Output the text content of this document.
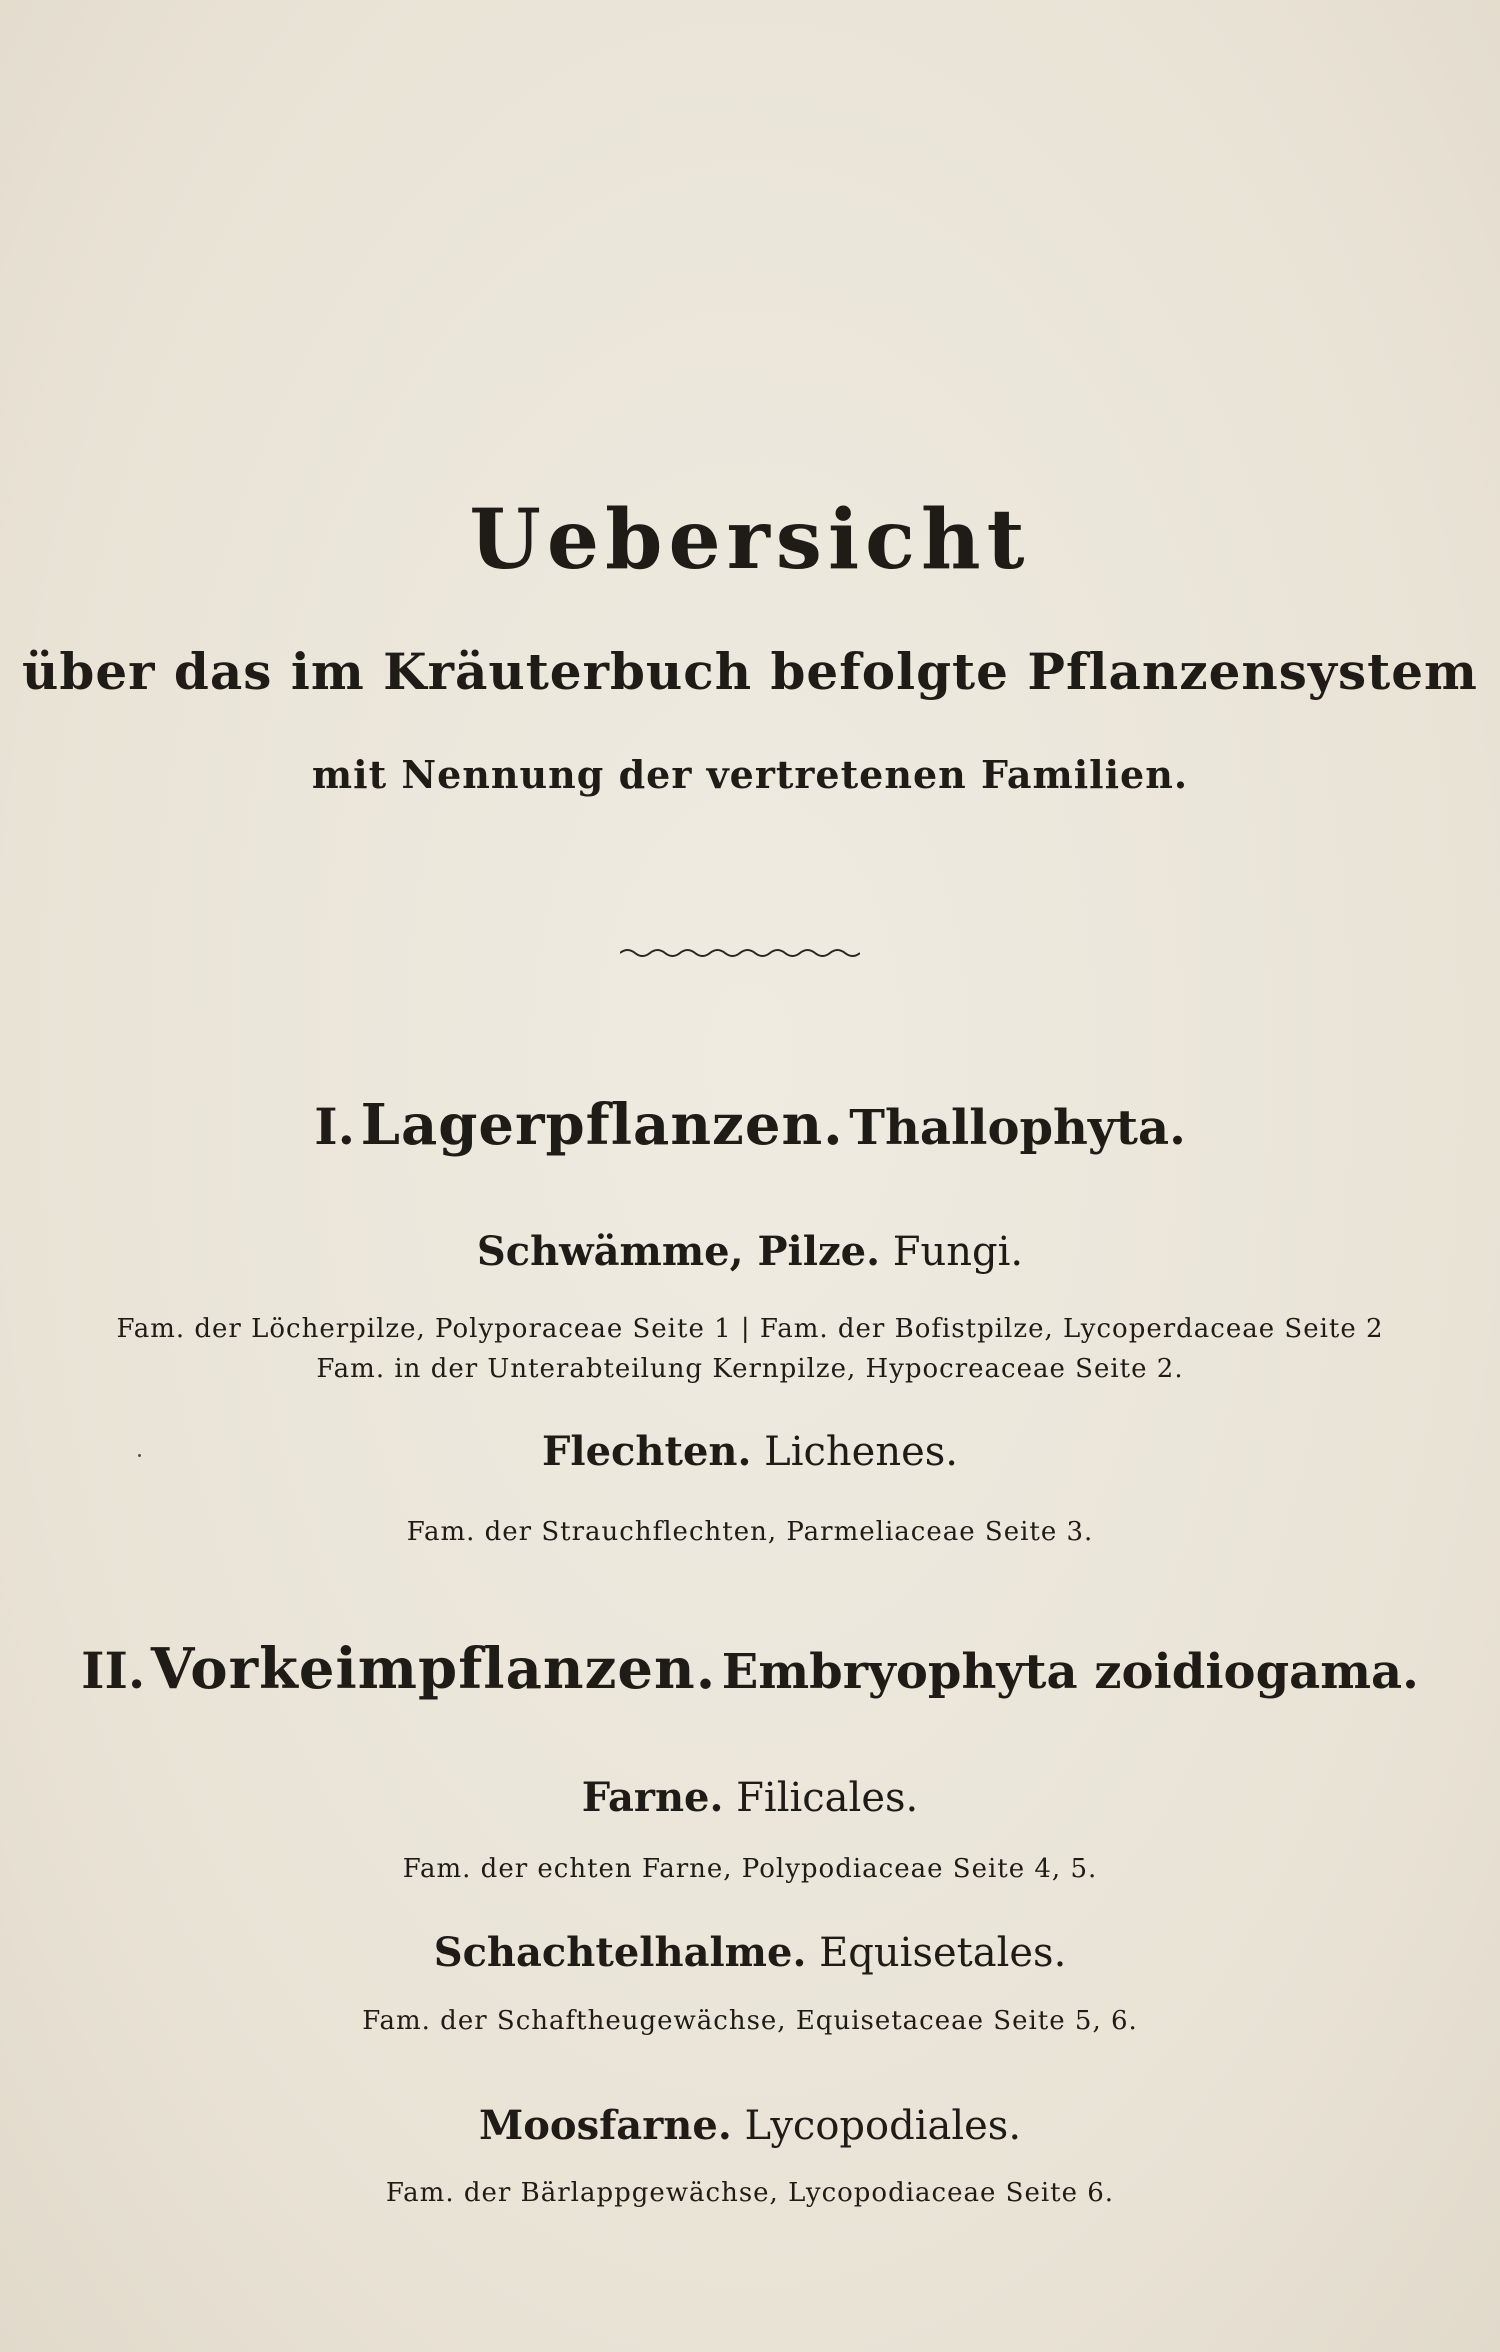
Uebersicht
über das im Kräuterbuch befolgte Pflanzensystem
mit Nennung der vertretenen Familien.
I. Lagerpflanzen. Thallophyta.
Schwämme, Pilze. Fungi.
Fam. der Löcherpilze, Polyporaceae Seite 1 | Fam. der Bofistpilze, Lycoperdaceae Seite 2
Fam. in der Unterabteilung Kernpilze, Hypocreaceae Seite 2.
Flechten. Lichenes.
Fam. der Strauchflechten, Parmeliaceae Seite 3.
II. Vorkeimpflanzen. Embryophyta zoidiogama.
Farne. Filicales.
Fam. der echten Farne, Polypodiaceae Seite 4, 5.
Schachtelhalme. Equisetales.
Fam. der Schaftheugewächse, Equisetaceae Seite 5, 6.
Moosfarne. Lycopodiales.
Fam. der Bärlappgewächse, Lycopodiaceae Seite 6.
